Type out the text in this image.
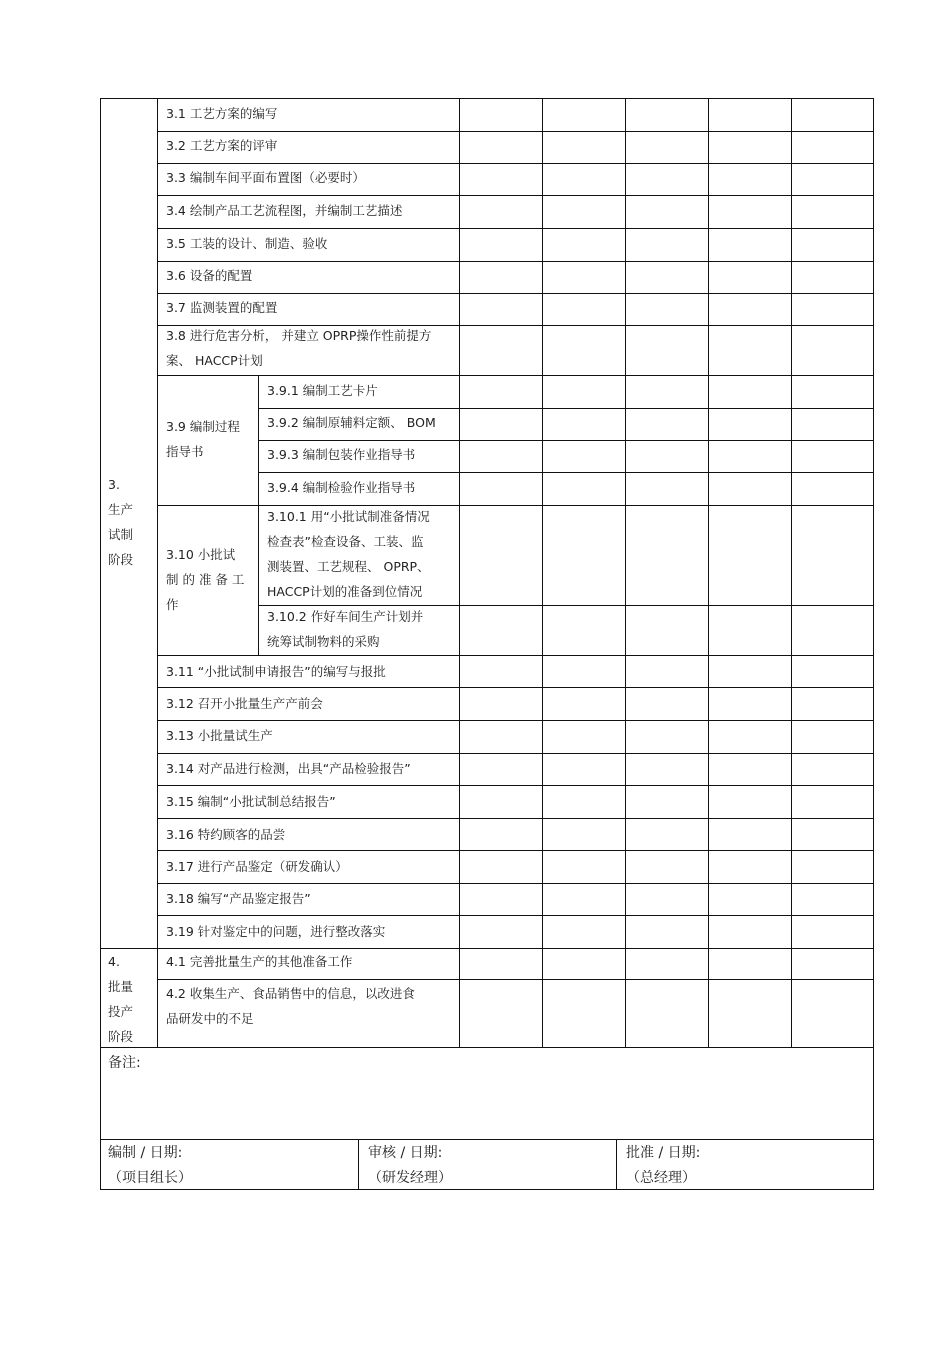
3.
生产
试制
阶段
3.1 工艺方案的编写
3.2 工艺方案的评审
3.3 编制车间平面布置图（必要时）
3.4 绘制产品工艺流程图，并编制工艺描述
3.5 工装的设计、制造、验收
3.6 设备的配置
3.7 监测装置的配置
3.8 进行危害分析， 并建立 OPRP操作性前提方
案、 HACCP计划
3.9 编制过程
指导书
3.9.1 编制工艺卡片
3.9.2 编制原辅料定额、 BOM
3.9.3 编制包装作业指导书
3.9.4 编制检验作业指导书
3.10 小批试
制 的 准 备 工
作
3.10.1 用“小批试制准备情况
检查表”检查设备、工装、监
测装置、工艺规程、 OPRP、
HACCP计划的准备到位情况
3.10.2 作好车间生产计划并
统筹试制物料的采购
3.11 “小批试制申请报告”的编写与报批
3.12 召开小批量生产产前会
3.13 小批量试生产
3.14 对产品进行检测，出具“产品检验报告”
3.15 编制“小批试制总结报告”
3.16 特约顾客的品尝
3.17 进行产品鉴定（研发确认）
3.18 编写“产品鉴定报告”
3.19 针对鉴定中的问题，进行整改落实
4.
批量
投产
阶段
4.1 完善批量生产的其他准备工作
4.2 收集生产、食品销售中的信息，以改进食
品研发中的不足
备注:
编制 / 日期:
（项目组长）
审核 / 日期:
（研发经理）
批准 / 日期:
（总经理）
